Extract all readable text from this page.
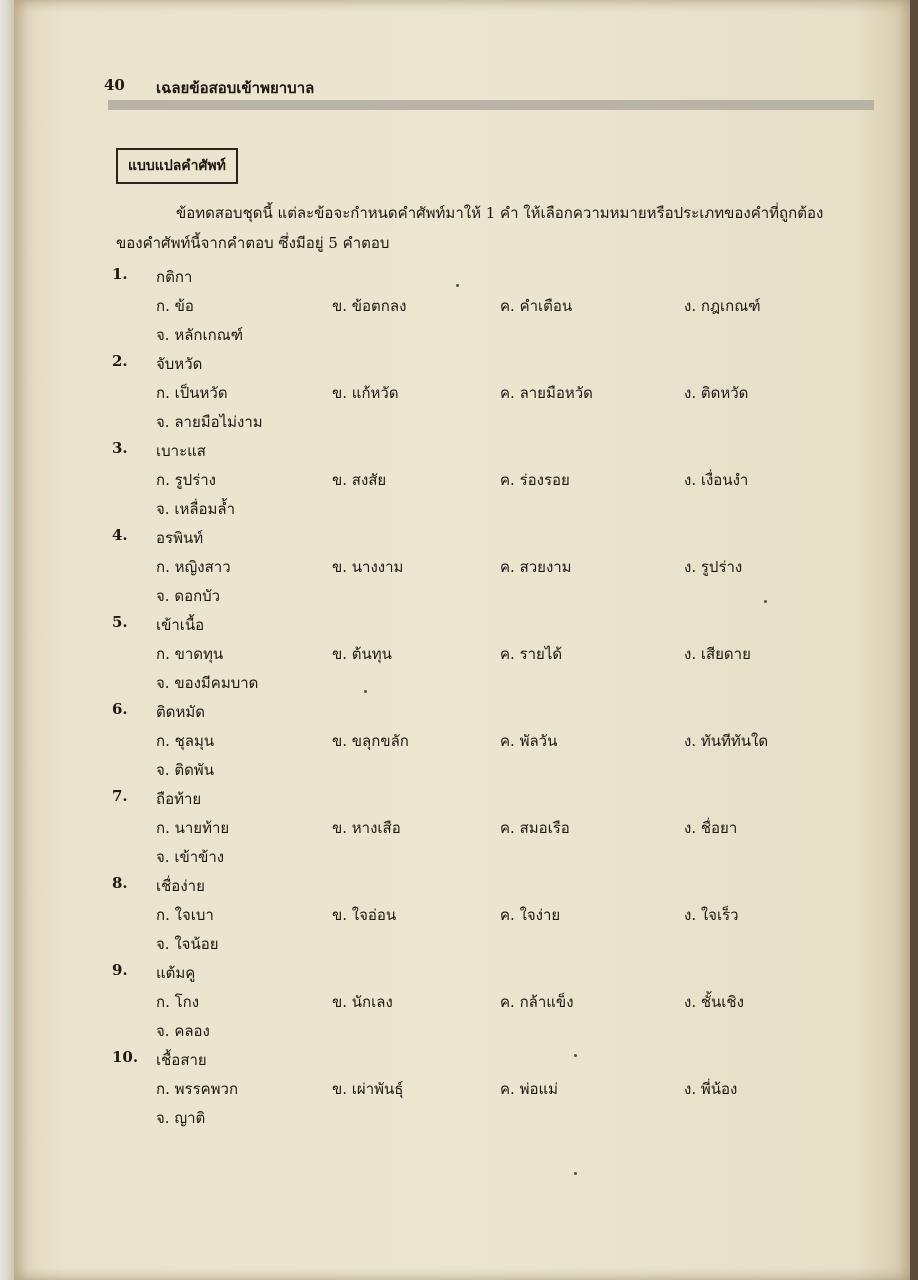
40 เฉลยข้อสอบเข้าพยาบาล
แบบแปลคำศัพท์
ข้อทดสอบชุดนี้ แต่ละข้อจะกำหนดคำศัพท์มาให้ 1 คำ ให้เลือกความหมายหรือประเภทของคำที่ถูกต้อง
ของคำศัพท์นี้จากคำตอบ ซึ่งมีอยู่ 5 คำตอบ
1. กติกา
ก. ข้อ	ข. ข้อตกลง	ค. คำเตือน	ง. กฎเกณฑ์
จ. หลักเกณฑ์
2. จับหวัด
ก. เป็นหวัด	ข. แก้หวัด	ค. ลายมือหวัด	ง. ติดหวัด
จ. ลายมือไม่งาม
3. เบาะแส
ก. รูปร่าง	ข. สงสัย	ค. ร่องรอย	ง. เงื่อนงำ
จ. เหลื่อมล้ำ
4. อรพินท์
ก. หญิงสาว	ข. นางงาม	ค. สวยงาม	ง. รูปร่าง
จ. ดอกบัว
5. เข้าเนื้อ
ก. ขาดทุน	ข. ต้นทุน	ค. รายได้	ง. เสียดาย
จ. ของมีคมบาด
6. ติดหมัด
ก. ชุลมุน	ข. ขลุกขลัก	ค. พัลวัน	ง. ทันทีทันใด
จ. ติดพัน
7. ถือท้าย
ก. นายท้าย	ข. หางเสือ	ค. สมอเรือ	ง. ชื่อยา
จ. เข้าข้าง
8. เชื่อง่าย
ก. ใจเบา	ข. ใจอ่อน	ค. ใจง่าย	ง. ใจเร็ว
จ. ใจน้อย
9. แต้มคู
ก. โกง	ข. นักเลง	ค. กล้าแข็ง	ง. ชั้นเชิง
จ. คลอง
10. เชื้อสาย
ก. พรรคพวก	ข. เผ่าพันธุ์	ค. พ่อแม่	ง. พี่น้อง
จ. ญาติ
